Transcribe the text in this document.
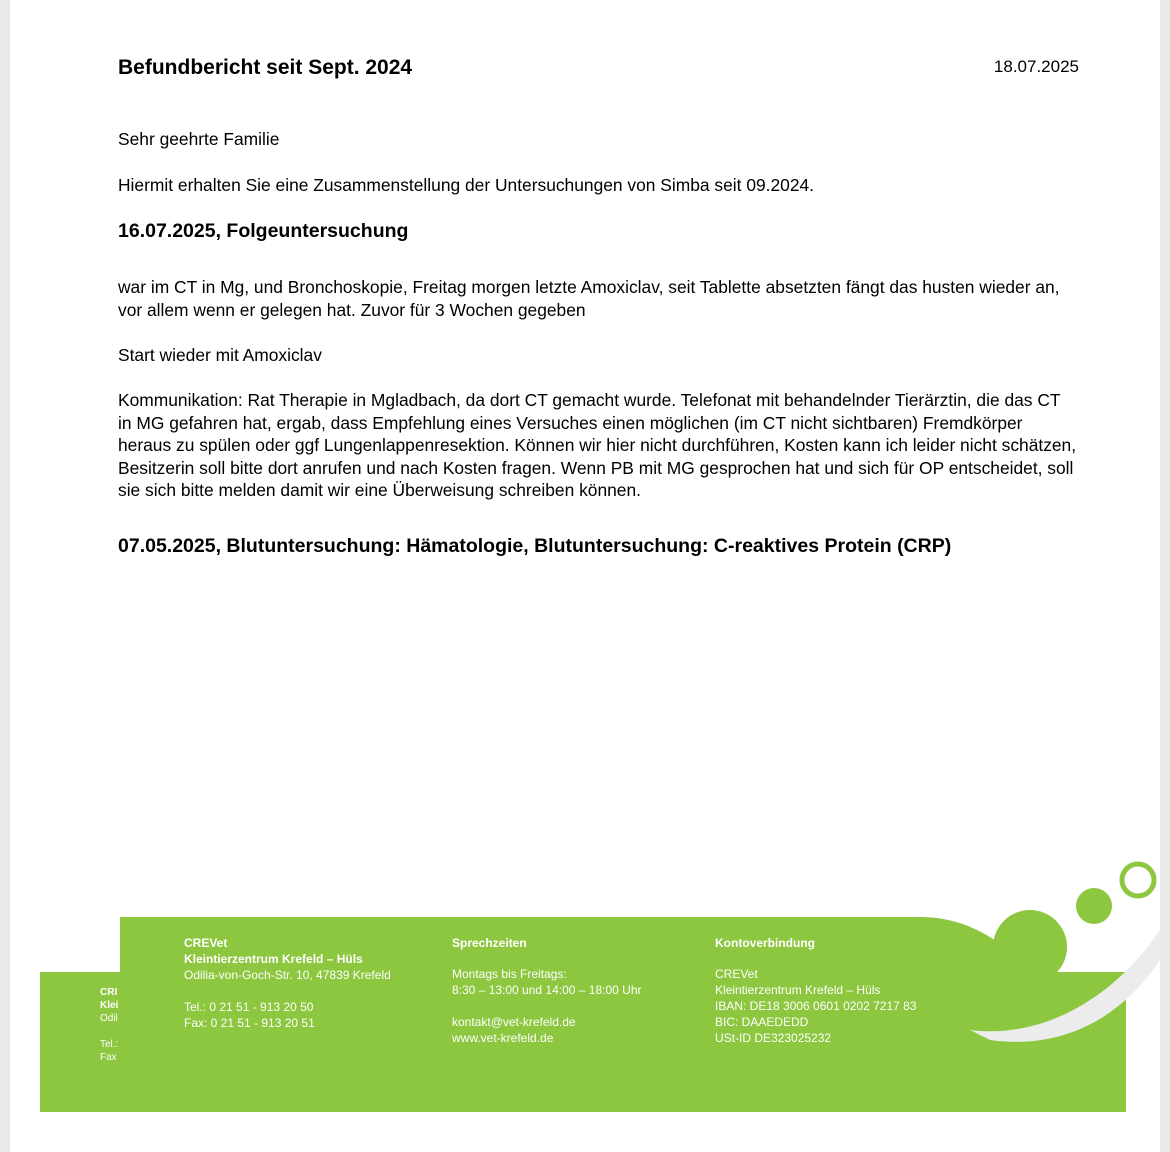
Befundbericht seit Sept. 2024	18.07.2025
Sehr geehrte Familie
Hiermit erhalten Sie eine Zusammenstellung der Untersuchungen von Simba seit 09.2024.
16.07.2025, Folgeuntersuchung
war im CT in Mg, und Bronchoskopie, Freitag morgen letzte Amoxiclav, seit Tablette absetzten fängt das husten wieder an, vor allem wenn er gelegen hat. Zuvor für 3 Wochen gegeben
Start wieder mit Amoxiclav
Kommunikation: Rat Therapie in Mgladbach, da dort CT gemacht wurde. Telefonat mit behandelnder Tierärztin, die das CT in MG gefahren hat, ergab, dass Empfehlung eines Versuches einen möglichen (im CT nicht sichtbaren) Fremdkörper heraus zu spülen oder ggf Lungenlappenresektion. Können wir hier nicht durchführen, Kosten kann ich leider nicht schätzen, Besitzerin soll bitte dort anrufen und nach Kosten fragen. Wenn PB mit MG gesprochen hat und sich für OP entscheidet, soll sie sich bitte melden damit wir eine Überweisung schreiben können.
07.05.2025, Blutuntersuchung: Hämatologie, Blutuntersuchung: C-reaktives Protein (CRP)
CRI
Klei
Odil
Tel.:
Fax
CREVet
Kleintierzentrum Krefeld – Hüls
Odilia-von-Goch-Str. 10, 47839 Krefeld
Tel.: 0 21 51 - 913 20 50
Fax: 0 21 51 - 913 20 51
Sprechzeiten
Montags bis Freitags:
8:30 – 13:00 und 14:00 – 18:00 Uhr
kontakt@vet-krefeld.de
www.vet-krefeld.de
Kontoverbindung
CREVet
Kleintierzentrum Krefeld – Hüls
IBAN: DE18 3006 0601 0202 7217 83
BIC: DAAEDEDD
USt-ID DE323025232
